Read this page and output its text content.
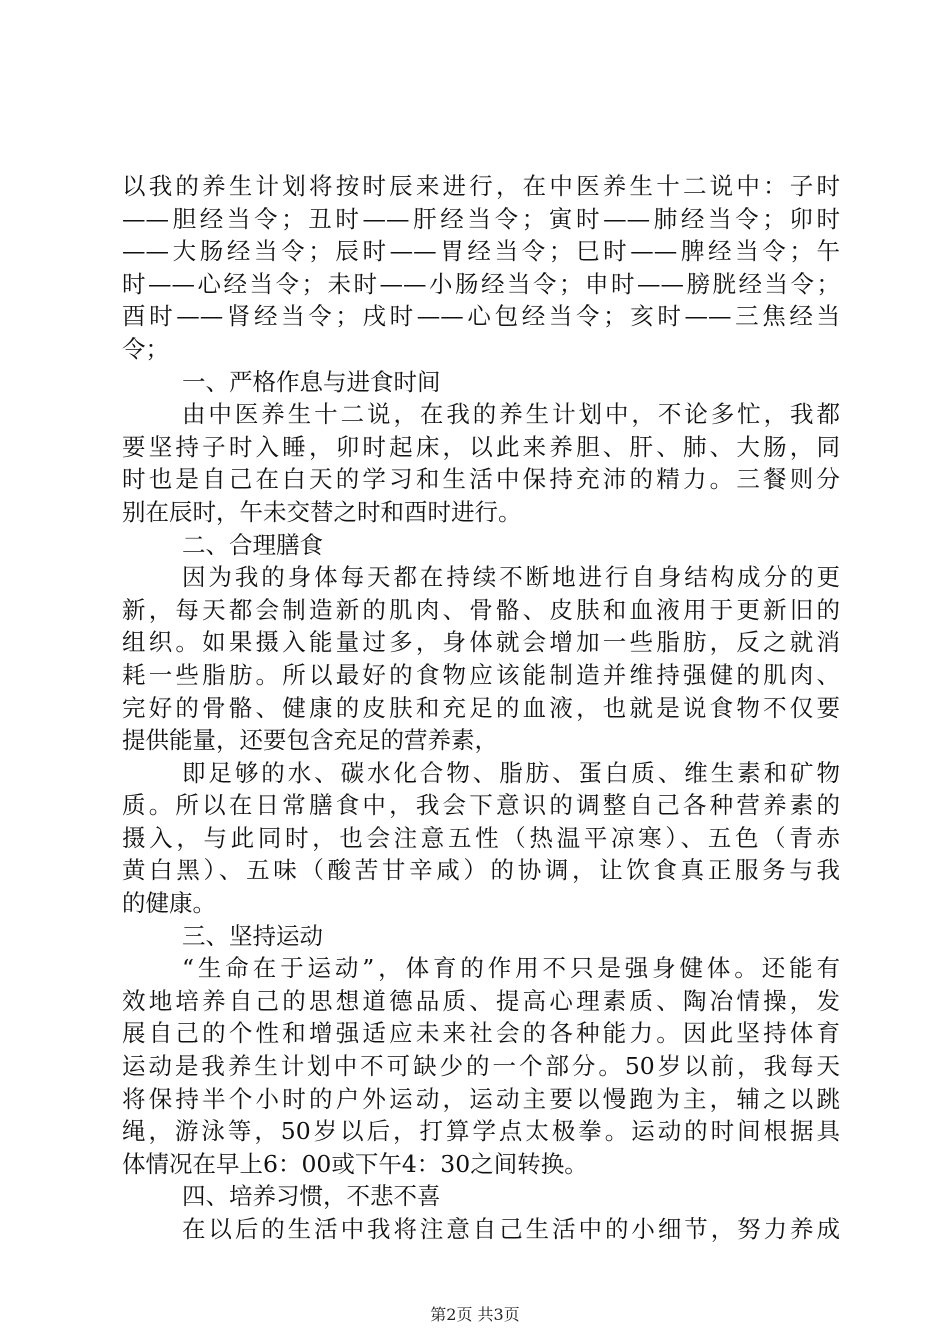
以我的养生计划将按时辰来进行，在中医养生十二说中：子时
——胆经当令；丑时——肝经当令；寅时——肺经当令；卯时
——大肠经当令；辰时——胃经当令；巳时——脾经当令；午
时——心经当令；未时——小肠经当令；申时——膀胱经当令；
酉时——肾经当令；戌时——心包经当令；亥时——三焦经当
令；
一、严格作息与进食时间
由中医养生十二说，在我的养生计划中，不论多忙，我都
要坚持子时入睡，卯时起床，以此来养胆、肝、肺、大肠，同
时也是自己在白天的学习和生活中保持充沛的精力。三餐则分
别在辰时，午未交替之时和酉时进行。
二、合理膳食
因为我的身体每天都在持续不断地进行自身结构成分的更
新，每天都会制造新的肌肉、骨骼、皮肤和血液用于更新旧的
组织。如果摄入能量过多，身体就会增加一些脂肪，反之就消
耗一些脂肪。所以最好的食物应该能制造并维持强健的肌肉、
完好的骨骼、健康的皮肤和充足的血液，也就是说食物不仅要
提供能量，还要包含充足的营养素，
即足够的水、碳水化合物、脂肪、蛋白质、维生素和矿物
质。所以在日常膳食中，我会下意识的调整自己各种营养素的
摄入，与此同时，也会注意五性（热温平凉寒）、五色（青赤
黄白黑）、五味（酸苦甘辛咸）的协调，让饮食真正服务与我
的健康。
三、坚持运动
“生命在于运动”，体育的作用不只是强身健体。还能有
效地培养自己的思想道德品质、提高心理素质、陶冶情操，发
展自己的个性和增强适应未来社会的各种能力。因此坚持体育
运动是我养生计划中不可缺少的一个部分。50岁以前，我每天
将保持半个小时的户外运动，运动主要以慢跑为主，辅之以跳
绳，游泳等，50岁以后，打算学点太极拳。运动的时间根据具
体情况在早上6：00或下午4：30之间转换。
四、培养习惯，不悲不喜
在以后的生活中我将注意自己生活中的小细节，努力养成
第2页 共3页
